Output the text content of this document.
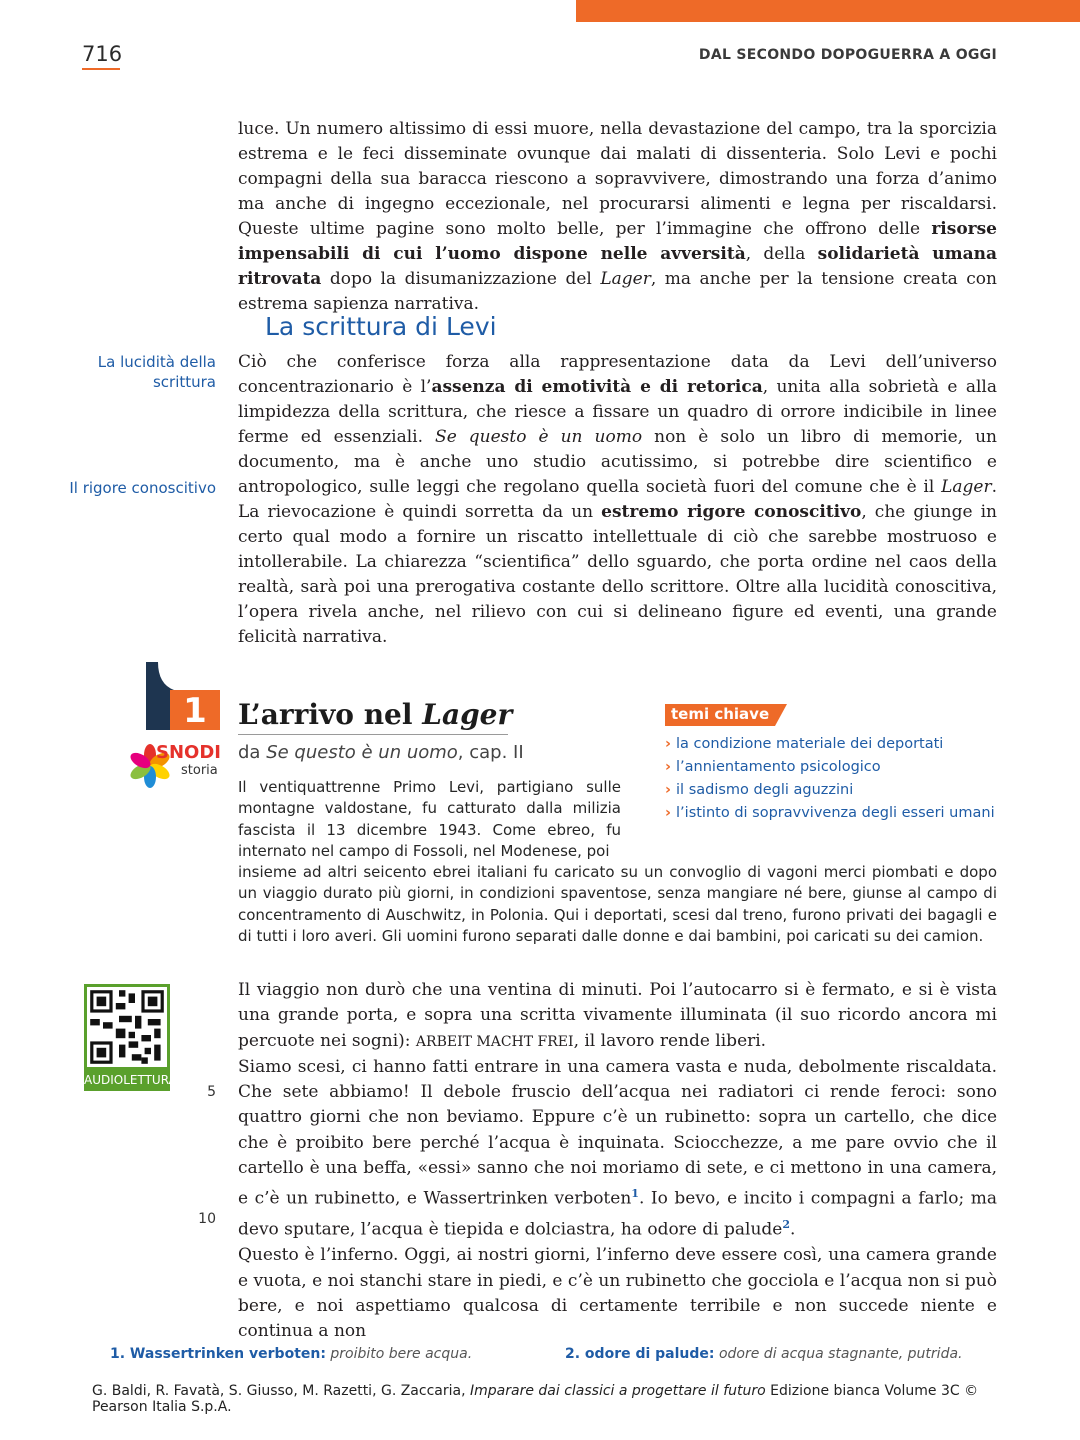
716	DAL SECONDO DOPOGUERRA A OGGI
luce. Un numero altissimo di essi muore, nella devastazione del campo, tra la sporcizia estrema e le feci disseminate ovunque dai malati di dissenteria. Solo Levi e pochi compagni della sua baracca riescono a sopravvivere, dimostrando una forza d’animo ma anche di ingegno eccezionale, nel procurarsi alimenti e legna per riscaldarsi. Queste ultime pagine sono molto belle, per l’immagine che offrono delle risorse impensabili di cui l’uomo dispone nelle avversità, della solidarietà umana ritrovata dopo la disumanizzazione del Lager, ma anche per la tensione creata con estrema sapienza narrativa.
La scrittura di Levi
La lucidità della scrittura
Il rigore conoscitivo
Ciò che conferisce forza alla rappresentazione data da Levi dell’universo concentrazionario è l’assenza di emotività e di retorica, unita alla sobrietà e alla limpidezza della scrittura, che riesce a fissare un quadro di orrore indicibile in linee ferme ed essenziali. Se questo è un uomo non è solo un libro di memorie, un documento, ma è anche uno studio acutissimo, si potrebbe dire scientifico e antropologico, sulle leggi che regolano quella società fuori del comune che è il Lager. La rievocazione è quindi sorretta da un estremo rigore conoscitivo, che giunge in certo qual modo a fornire un riscatto intellettuale di ciò che sarebbe mostruoso e intollerabile. La chiarezza “scientifica” dello sguardo, che porta ordine nel caos della realtà, sarà poi una prerogativa costante dello scrittore. Oltre alla lucidità conoscitiva, l’opera rivela anche, nel rilievo con cui si delineano figure ed eventi, una grande felicità narrativa.
1	L’arrivo nel Lager
da Se questo è un uomo, cap. II
SNODI
storia
Il ventiquattrenne Primo Levi, partigiano sulle montagne valdostane, fu catturato dalla milizia fascista il 13 dicembre 1943. Come ebreo, fu internato nel campo di Fossoli, nel Modenese, poi
insieme ad altri seicento ebrei italiani fu caricato su un convoglio di vagoni merci piombati e dopo un viaggio durato più giorni, in condizioni spaventose, senza mangiare né bere, giunse al campo di concentramento di Auschwitz, in Polonia. Qui i deportati, scesi dal treno, furono privati dei bagagli e di tutti i loro averi. Gli uomini furono separati dalle donne e dai bambini, poi caricati su dei camion.
temi chiave
› la condizione materiale dei deportati
› l’annientamento psicologico
› il sadismo degli aguzzini
› l’istinto di sopravvivenza degli esseri umani
AUDIOLETTURA

Il viaggio non durò che una ventina di minuti. Poi l’autocarro si è fermato, e si è vista una grande porta, e sopra una scritta vivamente illuminata (il suo ricordo ancora mi percuote nei sogni): ARBEIT MACHT FREI, il lavoro rende liberi.

Siamo scesi, ci hanno fatti entrare in una camera vasta e nuda, debolmente riscaldata. Che sete abbiamo! Il debole fruscio dell’acqua nei radiatori ci rende feroci: sono quattro giorni che non beviamo. Eppure c’è un rubinetto: sopra un cartello, che dice che è proibito bere perché l’acqua è inquinata. Sciocchezze, a me pare ovvio che il cartello è una beffa, «essi» sanno che noi moriamo di sete, e ci mettono in una camera, e c’è un rubinetto, e Wassertrinken verboten$^1$. Io bevo, e incito i compagni a farlo; ma devo sputare, l’acqua è tiepida e dolciastra, ha odore di palude$^2$.

Questo è l’inferno. Oggi, ai nostri giorni, l’inferno deve essere così, una camera grande e vuota, e noi stanchi stare in piedi, e c’è un rubinetto che gocciola e l’acqua non si può bere, e noi aspettiamo qualcosa di certamente terribile e non succede niente e continua a non

5
10
1. Wassertrinken verboten: proibito bere acqua.	2. odore di palude: odore di acqua stagnante, putrida.
G. Baldi, R. Favatà, S. Giusso, M. Razetti, G. Zaccaria, Imparare dai classici a progettare il futuro Edizione bianca Volume 3C © Pearson Italia S.p.A.
